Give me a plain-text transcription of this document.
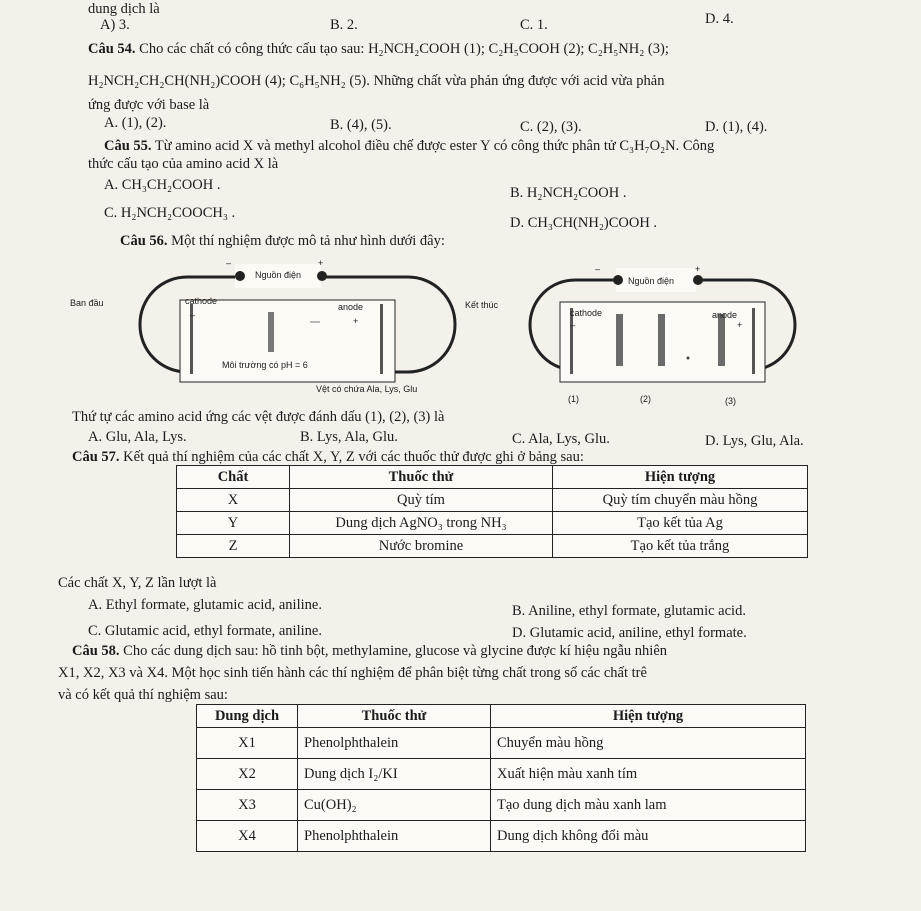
dung dịch là
A) 3.	B. 2.	C. 1.	D. 4.
Câu 54. Cho các chất có công thức cấu tạo sau: H₂NCH₂COOH (1); C₂H₅COOH (2); C₂H₅NH₂ (3);
H₂NCH₂CH₂CH(NH₂)COOH (4); C₆H₅NH₂ (5). Những chất vừa phản ứng được với acid vừa phản
ứng được với base là
A. (1), (2).	B. (4), (5).	C. (2), (3).	D. (1), (4).
Câu 55. Từ amino acid X và methyl alcohol điều chế được ester Y có công thức phân tử C₃H₇O₂N. Công
thức cấu tạo của amino acid X là
A. CH₃CH₂COOH .	B. H₂NCH₂COOH .
C. H₂NCH₂COOCH₃ .
D. CH₃CH(NH₂)COOH .
Câu 56. Một thí nghiệm được mô tả như hình dưới đây:
Ban đầu
Nguồn điện
cathode
anode
–	+
–
+
Môi trường có pH = 6
Vệt có chứa Ala, Lys, Glu
Kết thúc
Nguồn điện
cathode	anode
–	+
–	+
(1)	(2)	(3)
Thứ tự các amino acid ứng các vệt được đánh dấu (1), (2), (3) là
A. Glu, Ala, Lys.	B. Lys, Ala, Glu.	C. Ala, Lys, Glu.	D. Lys, Glu, Ala.
Câu 57. Kết quả thí nghiệm của các chất X, Y, Z với các thuốc thử được ghi ở bảng sau:
Chất	Thuốc thử	Hiện tượng
X	Quỳ tím	Quỳ tím chuyển màu hồng
Y	Dung dịch AgNO₃ trong NH₃	Tạo kết tủa Ag
Z	Nước bromine	Tạo kết tủa trắng
Các chất X, Y, Z lần lượt là
A. Ethyl formate, glutamic acid, aniline.	B. Aniline, ethyl formate, glutamic acid.
C. Glutamic acid, ethyl formate, aniline.	D. Glutamic acid, aniline, ethyl formate.
Câu 58. Cho các dung dịch sau: hồ tinh bột, methylamine, glucose và glycine được kí hiệu ngẫu nhiên
X1, X2, X3 và X4. Một học sinh tiến hành các thí nghiệm để phân biệt từng chất trong số các chất trê
và có kết quả thí nghiệm sau:
Dung dịch	Thuốc thử	Hiện tượng
X1	Phenolphthalein	Chuyển màu hồng
X2	Dung dịch I₂/KI	Xuất hiện màu xanh tím
X3	Cu(OH)₂	Tạo dung dịch màu xanh lam
X4	Phenolphthalein	Dung dịch không đổi màu
